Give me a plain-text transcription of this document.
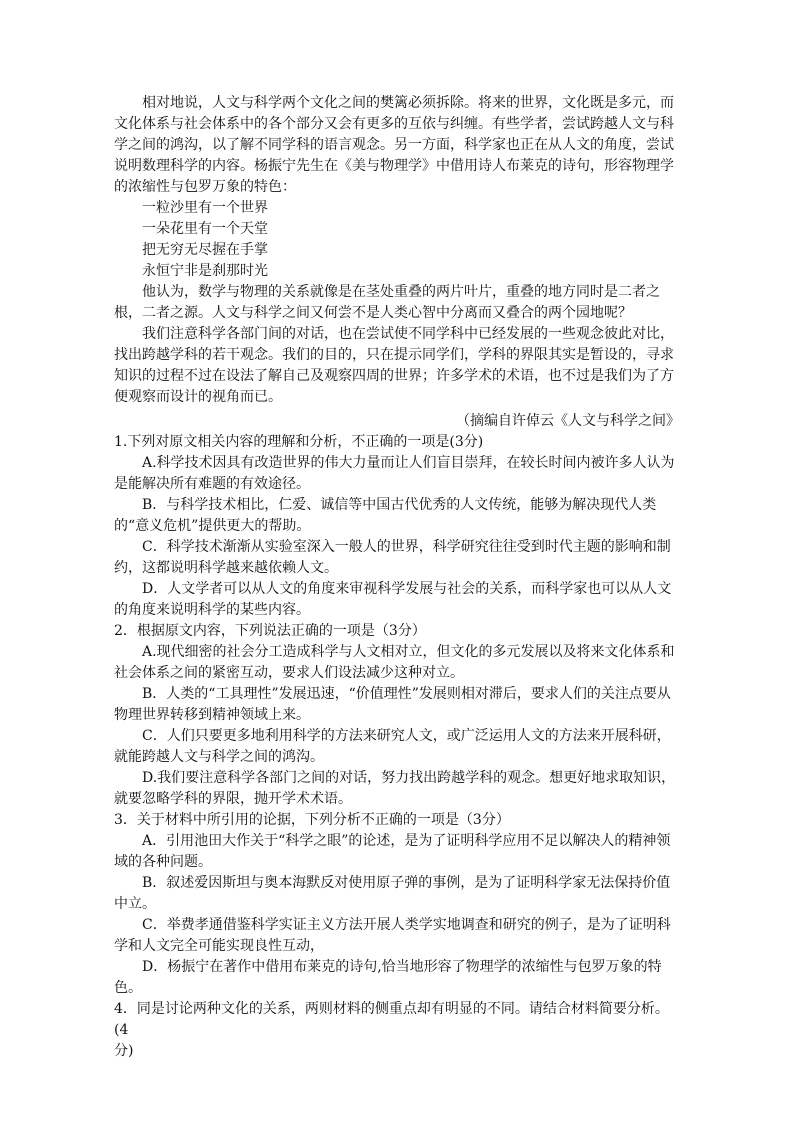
相对地说，人文与科学两个文化之间的樊篱必须拆除。将来的世界，文化既是多元，而文化体系与社会体系中的各个部分又会有更多的互依与纠缠。有些学者，尝试跨越人文与科学之间的鸿沟，以了解不同学科的语言观念。另一方面，科学家也正在从人文的角度，尝试说明数理科学的内容。杨振宁先生在《美与物理学》中借用诗人布莱克的诗句，形容物理学的浓缩性与包罗万象的特色：

一粒沙里有一个世界

一朵花里有一个天堂

把无穷无尽握在手掌

永恒宁非是刹那时光

他认为，数学与物理的关系就像是在茎处重叠的两片叶片，重叠的地方同时是二者之根，二者之源。人文与科学之间又何尝不是人类心智中分离而又叠合的两个园地呢？

我们注意科学各部门间的对话，也在尝试使不同学科中已经发展的一些观念彼此对比，找出跨越学科的若干观念。我们的目的，只在提示同学们，学科的界限其实是暂设的，寻求知识的过程不过在设法了解自己及观察四周的世界；许多学术的术语，也不过是我们为了方便观察而设计的视角而已。

（摘编自许倬云《人文与科学之间》

1.下列对原文相关内容的理解和分析，不正确的一项是(3分)

A.科学技术因具有改造世界的伟大力量而让人们盲目崇拜，在较长时间内被许多人认为是能解决所有难题的有效途径。

B．与科学技术相比，仁爱、诚信等中国古代优秀的人文传统，能够为解决现代人类的“意义危机”提供更大的帮助。

C．科学技术渐渐从实验室深入一般人的世界，科学研究往往受到时代主题的影响和制约，这都说明科学越来越依赖人文。

D．人文学者可以从人文的角度来审视科学发展与社会的关系，而科学家也可以从人文的角度来说明科学的某些内容。

2．根据原文内容，下列说法正确的一项是（3分）

A.现代细密的社会分工造成科学与人文相对立，但文化的多元发展以及将来文化体系和社会体系之间的紧密互动，要求人们设法减少这种对立。

B．人类的“工具理性”发展迅速，“价值理性”发展则相对滞后，要求人们的关注点要从物理世界转移到精神领域上来。

C．人们只要更多地利用科学的方法来研究人文，或广泛运用人文的方法来开展科研，就能跨越人文与科学之间的鸿沟。

D.我们要注意科学各部门之间的对话，努力找出跨越学科的观念。想更好地求取知识，就要忽略学科的界限，抛开学术术语。

3．关于材料中所引用的论据，下列分析不正确的一项是（3分）

A．引用池田大作关于“科学之眼”的论述，是为了证明科学应用不足以解决人的精神领域的各种问题。

B．叙述爱因斯坦与奥本海默反对使用原子弹的事例，是为了证明科学家无法保持价值中立。

C．举费孝通借鉴科学实证主义方法开展人类学实地调查和研究的例子，是为了证明科学和人文完全可能实现良性互动，

D．杨振宁在著作中借用布莱克的诗句,恰当地形容了物理学的浓缩性与包罗万象的特色。

4．同是讨论两种文化的关系，两则材料的侧重点却有明显的不同。请结合材料简要分析。

(4

分)
